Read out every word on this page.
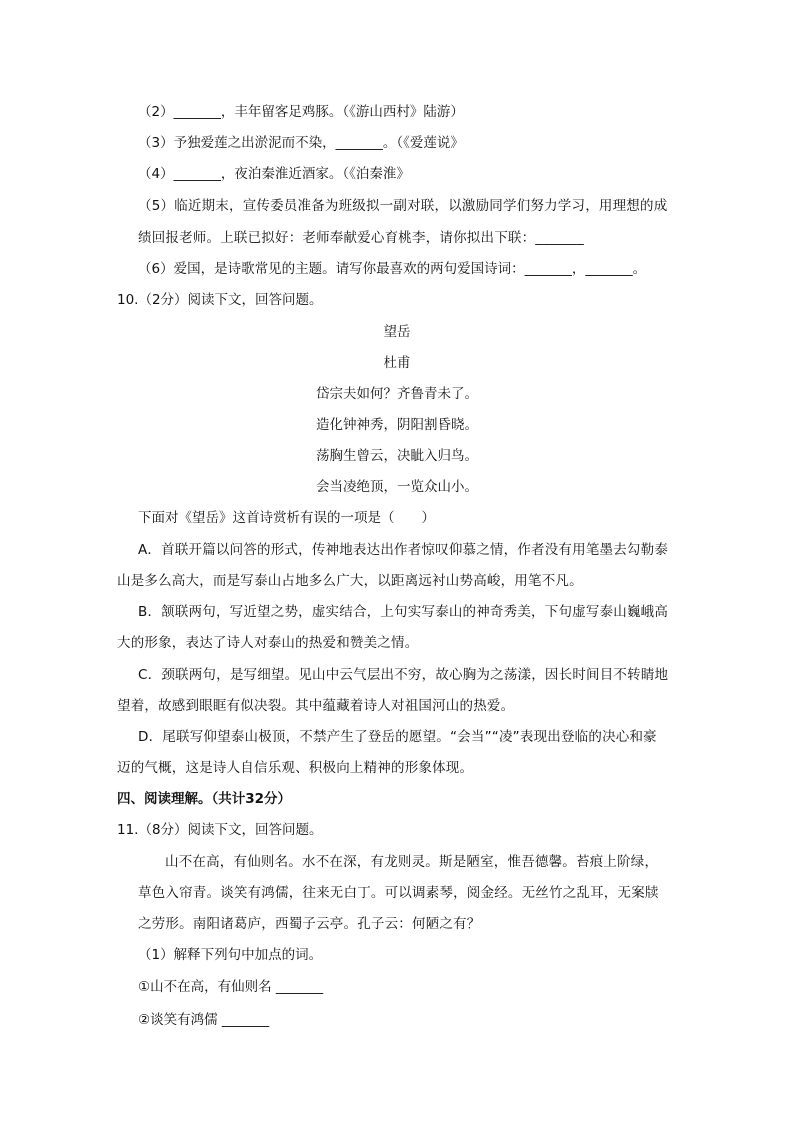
（2）_______，丰年留客足鸡豚。（《游山西村》陆游）
（3）予独爱莲之出淤泥而不染，_______。（《爱莲说》
（4）_______，夜泊秦淮近酒家。（《泊秦淮》
（5）临近期末，宣传委员准备为班级拟一副对联，以激励同学们努力学习，用理想的成
绩回报老师。上联已拟好：老师奉献爱心育桃李，请你拟出下联：_______
（6）爱国，是诗歌常见的主题。请写你最喜欢的两句爱国诗词：_______，_______。
10.（2分）阅读下文，回答问题。
望岳
杜甫
岱宗夫如何？齐鲁青未了。
造化钟神秀，阴阳割昏晓。
荡胸生曾云，决眦入归鸟。
会当凌绝顶，一览众山小。
下面对《望岳》这首诗赏析有误的一项是（　　）
A．首联开篇以问答的形式，传神地表达出作者惊叹仰慕之情，作者没有用笔墨去勾勒泰
山是多么高大，而是写泰山占地多么广大，以距离远衬山势高峻，用笔不凡。
B．颔联两句，写近望之势，虚实结合，上句实写泰山的神奇秀美，下句虚写泰山巍峨高
大的形象，表达了诗人对泰山的热爱和赞美之情。
C．颈联两句，是写细望。见山中云气层出不穷，故心胸为之荡漾，因长时间目不转睛地
望着，故感到眼眶有似决裂。其中蕴藏着诗人对祖国河山的热爱。
D．尾联写仰望泰山极顶，不禁产生了登岳的愿望。“会当”“凌”表现出登临的决心和豪
迈的气概，这是诗人自信乐观、积极向上精神的形象体现。
四、阅读理解。（共计32分）
11.（8分）阅读下文，回答问题。
山不在高，有仙则名。水不在深，有龙则灵。斯是陋室，惟吾德馨。苔痕上阶绿，
草色入帘青。谈笑有鸿儒，往来无白丁。可以调素琴，阅金经。无丝竹之乱耳，无案牍
之劳形。南阳诸葛庐，西蜀子云亭。孔子云：何陋之有？
（1）解释下列句中加点的词。
①山不在高，有仙则名 _______
②谈笑有鸿儒 _______
